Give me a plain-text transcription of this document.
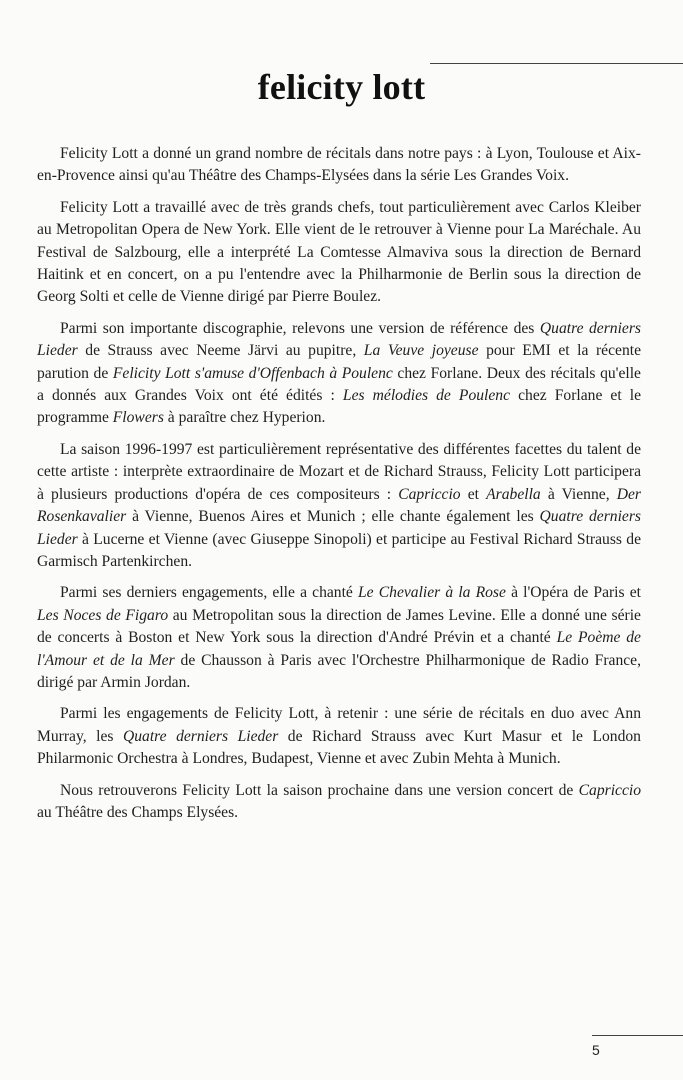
felicity lott

Felicity Lott a donné un grand nombre de récitals dans notre pays : à Lyon, Toulouse et Aix-en-Provence ainsi qu'au Théâtre des Champs-Elysées dans la série Les Grandes Voix.

Felicity Lott a travaillé avec de très grands chefs, tout particulièrement avec Carlos Kleiber au Metropolitan Opera de New York. Elle vient de le retrouver à Vienne pour La Maréchale. Au Festival de Salzbourg, elle a interprété La Comtesse Almaviva sous la direction de Bernard Haitink et en concert, on a pu l'entendre avec la Philharmonie de Berlin sous la direction de Georg Solti et celle de Vienne dirigé par Pierre Boulez.

Parmi son importante discographie, relevons une version de référence des Quatre derniers Lieder de Strauss avec Neeme Järvi au pupitre, La Veuve joyeuse pour EMI et la récente parution de Felicity Lott s'amuse d'Offenbach à Poulenc chez Forlane. Deux des récitals qu'elle a donnés aux Grandes Voix ont été édités : Les mélodies de Poulenc chez Forlane et le programme Flowers à paraître chez Hyperion.

La saison 1996-1997 est particulièrement représentative des différentes facettes du talent de cette artiste : interprète extraordinaire de Mozart et de Richard Strauss, Felicity Lott participera à plusieurs productions d'opéra de ces compositeurs : Capriccio et Arabella à Vienne, Der Rosenkavalier à Vienne, Buenos Aires et Munich ; elle chante également les Quatre derniers Lieder à Lucerne et Vienne (avec Giuseppe Sinopoli) et participe au Festival Richard Strauss de Garmisch Partenkirchen.

Parmi ses derniers engagements, elle a chanté Le Chevalier à la Rose à l'Opéra de Paris et Les Noces de Figaro au Metropolitan sous la direction de James Levine. Elle a donné une série de concerts à Boston et New York sous la direction d'André Prévin et a chanté Le Poème de l'Amour et de la Mer de Chausson à Paris avec l'Orchestre Philharmonique de Radio France, dirigé par Armin Jordan.

Parmi les engagements de Felicity Lott, à retenir : une série de récitals en duo avec Ann Murray, les Quatre derniers Lieder de Richard Strauss avec Kurt Masur et le London Philarmonic Orchestra à Londres, Budapest, Vienne et avec Zubin Mehta à Munich.

Nous retrouverons Felicity Lott la saison prochaine dans une version concert de Capriccio au Théâtre des Champs Elysées.

5
